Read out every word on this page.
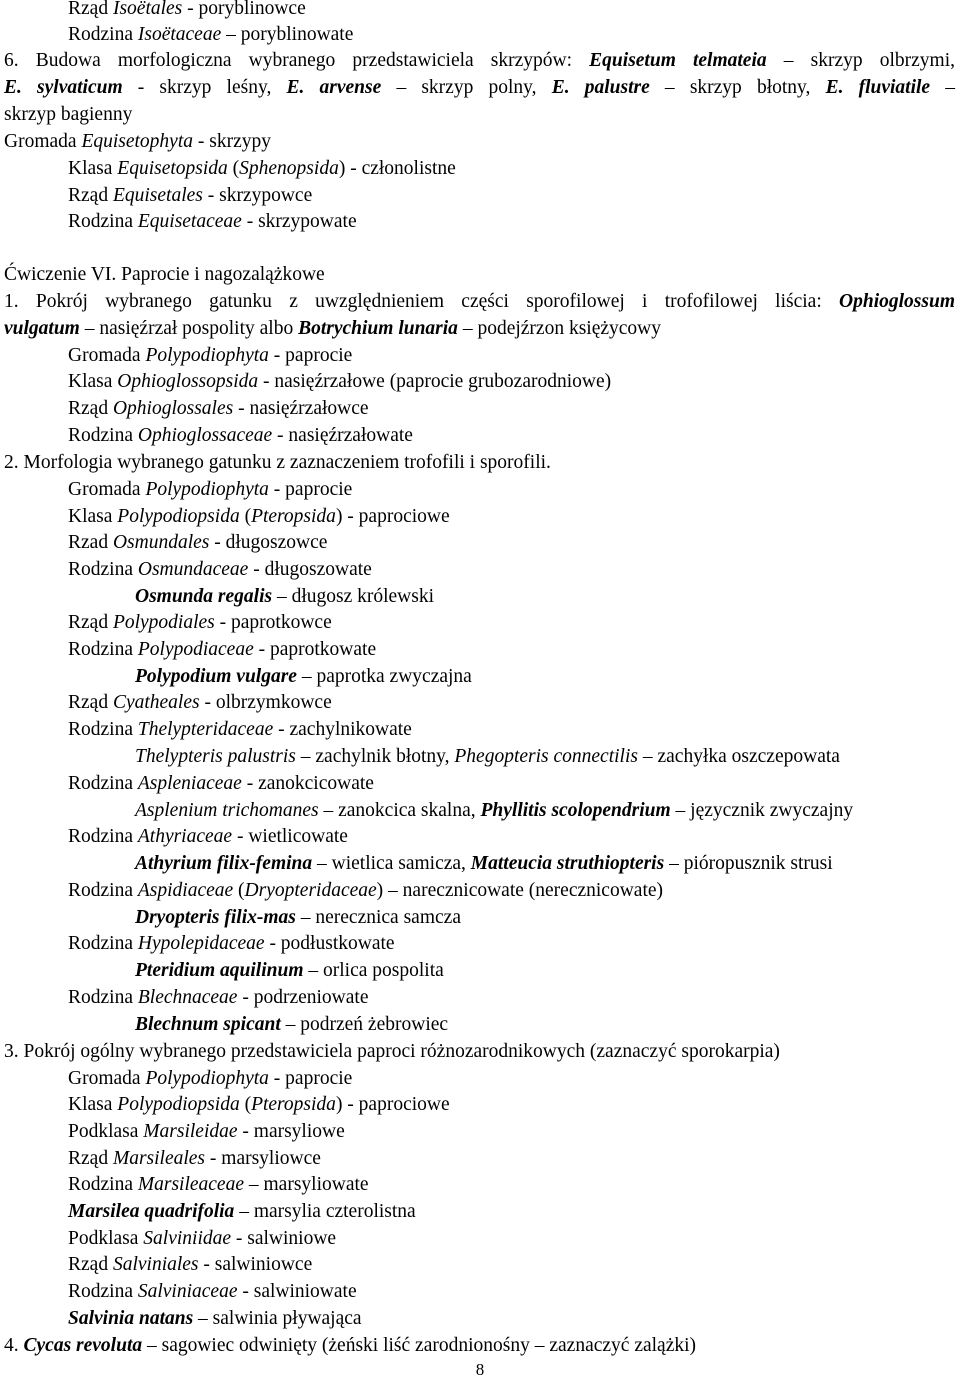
Rząd Isoëtales - poryblinowce
Rodzina Isoëtaceae – poryblinowate
6. Budowa morfologiczna wybranego przedstawiciela skrzypów: Equisetum telmateia – skrzyp olbrzymi,
E. sylvaticum - skrzyp leśny, E. arvense – skrzyp polny, E. palustre – skrzyp błotny, E. fluviatile –
skrzyp bagienny
Gromada Equisetophyta - skrzypy
Klasa Equisetopsida (Sphenopsida) - członolistne
Rząd Equisetales - skrzypowce
Rodzina Equisetaceae - skrzypowate
Ćwiczenie VI. Paprocie i nagozalążkowe
1. Pokrój wybranego gatunku z uwzględnieniem części sporofilowej i trofofilowej liścia: Ophioglossum
vulgatum – nasięźrzał pospolity albo Botrychium lunaria – podejźrzon księżycowy
Gromada Polypodiophyta - paprocie
Klasa Ophioglossopsida - nasięźrzałowe (paprocie grubozarodniowe)
Rząd Ophioglossales - nasięźrzałowce
Rodzina Ophioglossaceae - nasięźrzałowate
2. Morfologia wybranego gatunku z zaznaczeniem trofofili i sporofili.
Gromada Polypodiophyta - paprocie
Klasa Polypodiopsida (Pteropsida) - paprociowe
Rzad Osmundales - długoszowce
Rodzina Osmundaceae - długoszowate
Osmunda regalis – długosz królewski
Rząd Polypodiales - paprotkowce
Rodzina Polypodiaceae - paprotkowate
Polypodium vulgare – paprotka zwyczajna
Rząd Cyatheales - olbrzymkowce
Rodzina Thelypteridaceae - zachylnikowate
Thelypteris palustris – zachylnik błotny, Phegopteris connectilis – zachyłka oszczepowata
Rodzina Aspleniaceae - zanokcicowate
Asplenium trichomanes – zanokcica skalna, Phyllitis scolopendrium – języcznik zwyczajny
Rodzina Athyriaceae - wietlicowate
Athyrium filix-femina – wietlica samicza, Matteucia struthiopteris – pióropusznik strusi
Rodzina Aspidiaceae (Dryopteridaceae) – narecznicowate (nerecznicowate)
Dryopteris filix-mas – nerecznica samcza
Rodzina Hypolepidaceae - podłustkowate
Pteridium aquilinum – orlica pospolita
Rodzina Blechnaceae - podrzeniowate
Blechnum spicant – podrzeń żebrowiec
3. Pokrój ogólny wybranego przedstawiciela paproci różnozarodnikowych (zaznaczyć sporokarpia)
Gromada Polypodiophyta - paprocie
Klasa Polypodiopsida (Pteropsida) - paprociowe
Podklasa Marsileidae - marsyliowe
Rząd Marsileales - marsyliowce
Rodzina Marsileaceae – marsyliowate
Marsilea quadrifolia – marsylia czterolistna
Podklasa Salviniidae - salwiniowe
Rząd Salviniales - salwiniowce
Rodzina Salviniaceae - salwiniowate
Salvinia natans – salwinia pływająca
4. Cycas revoluta – sagowiec odwinięty (żeński liść zarodnionośny – zaznaczyć zalążki)
8
